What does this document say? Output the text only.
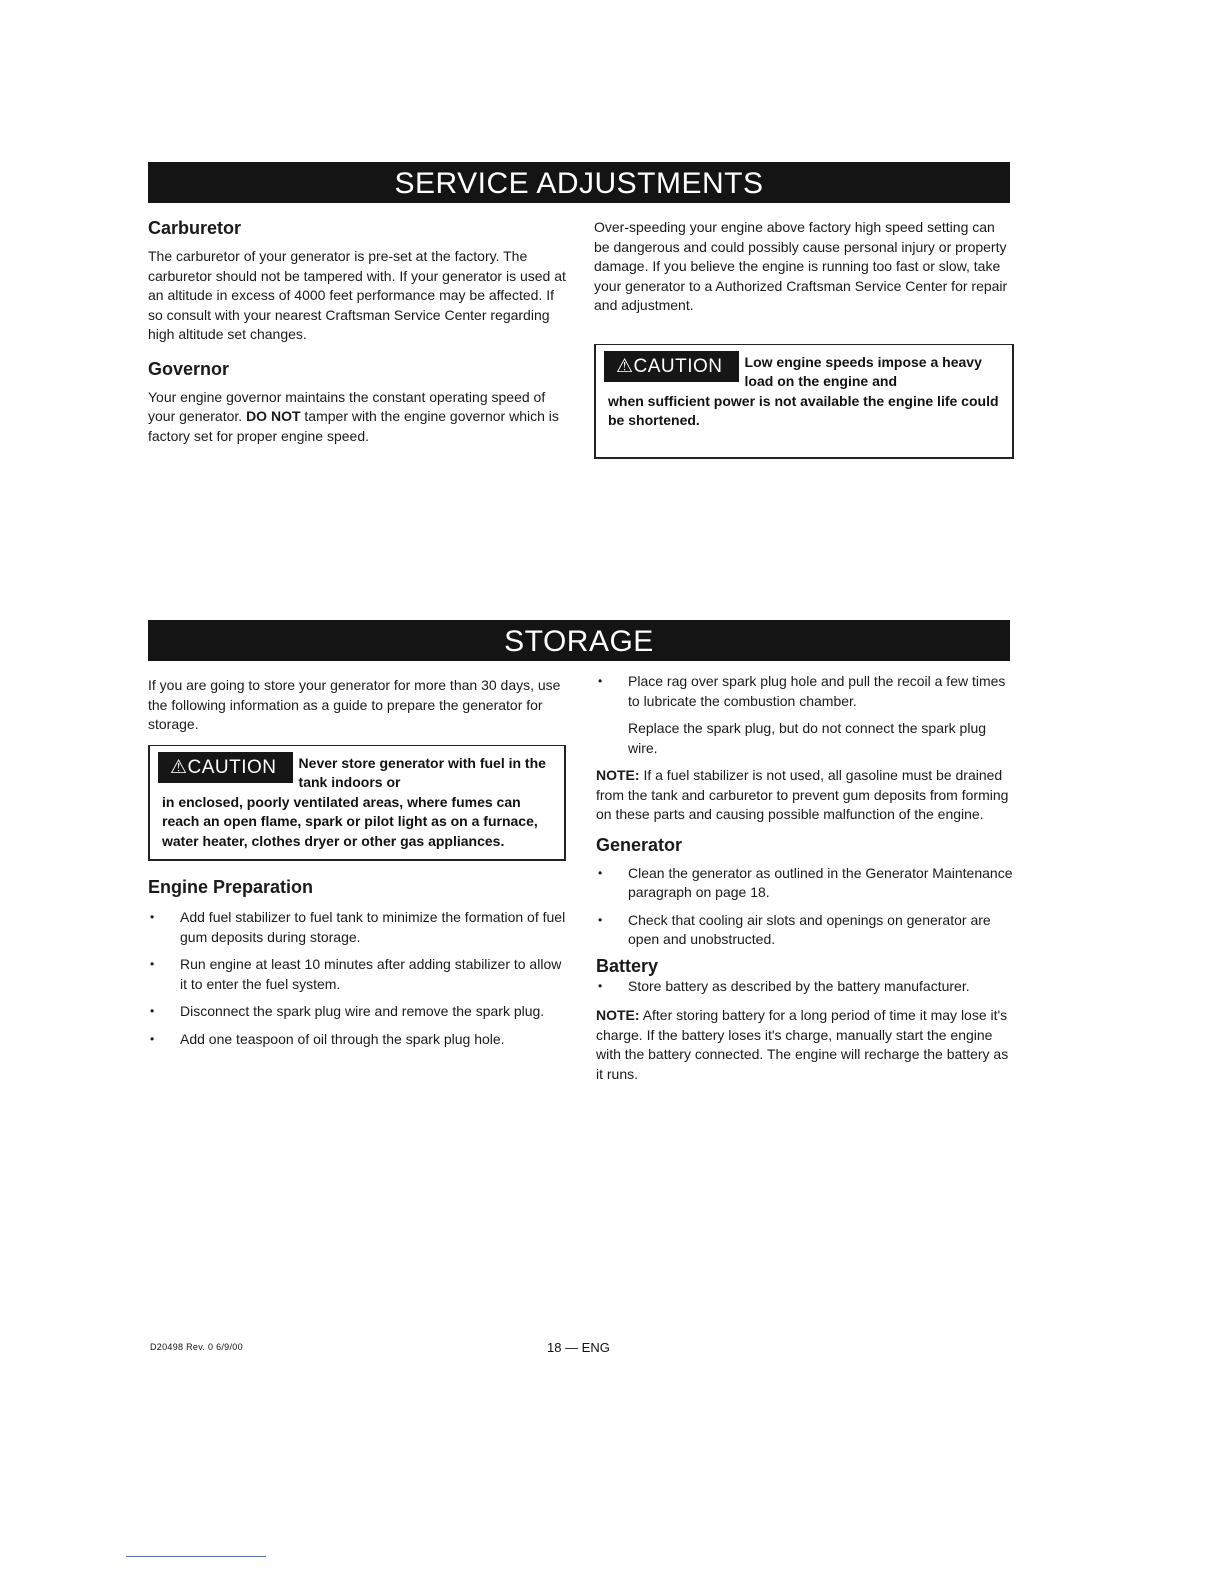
SERVICE ADJUSTMENTS
Carburetor

The carburetor of your generator is pre-set at the factory. The carburetor should not be tampered with. If your generator is used at an altitude in excess of 4000 feet performance may be affected. If so consult with your nearest Craftsman Service Center regarding high altitude set changes.

Governor

Your engine governor maintains the constant operating speed of your generator. DO NOT tamper with the engine governor which is factory set for proper engine speed.

Over-speeding your engine above factory high speed setting can be dangerous and could possibly cause personal injury or property damage. If you believe the engine is running too fast or slow, take your generator to a Authorized Craftsman Service Center for repair and adjustment.

⚠CAUTION	Low engine speeds impose a heavy load on the engine and
when sufficient power is not available the engine life could be shortened.
STORAGE

If you are going to store your generator for more than 30 days, use the following information as a guide to prepare the generator for storage.

⚠CAUTION	Never store generator with fuel in the tank indoors or
in enclosed, poorly ventilated areas, where fumes can reach an open flame, spark or pilot light as on a furnace, water heater, clothes dryer or other gas appliances.
Engine Preparation
• Add fuel stabilizer to fuel tank to minimize the formation of fuel gum deposits during storage.
• Run engine at least 10 minutes after adding stabilizer to allow it to enter the fuel system.
• Disconnect the spark plug wire and remove the spark plug.
• Add one teaspoon of oil through the spark plug hole.
• Place rag over spark plug hole and pull the recoil a few times to lubricate the combustion chamber.

Replace the spark plug, but do not connect the spark plug wire.

NOTE: If a fuel stabilizer is not used, all gasoline must be drained from the tank and carburetor to prevent gum deposits from forming on these parts and causing possible malfunction of the engine.

Generator
• Clean the generator as outlined in the Generator Maintenance paragraph on page 18.
• Check that cooling air slots and openings on generator are open and unobstructed.
Battery
• Store battery as described by the battery manufacturer.

NOTE: After storing battery for a long period of time it may lose it's charge. If the battery loses it's charge, manually start the engine with the battery connected. The engine will recharge the battery as it runs.

D20498 Rev. 0 6/9/00	18 — ENG
